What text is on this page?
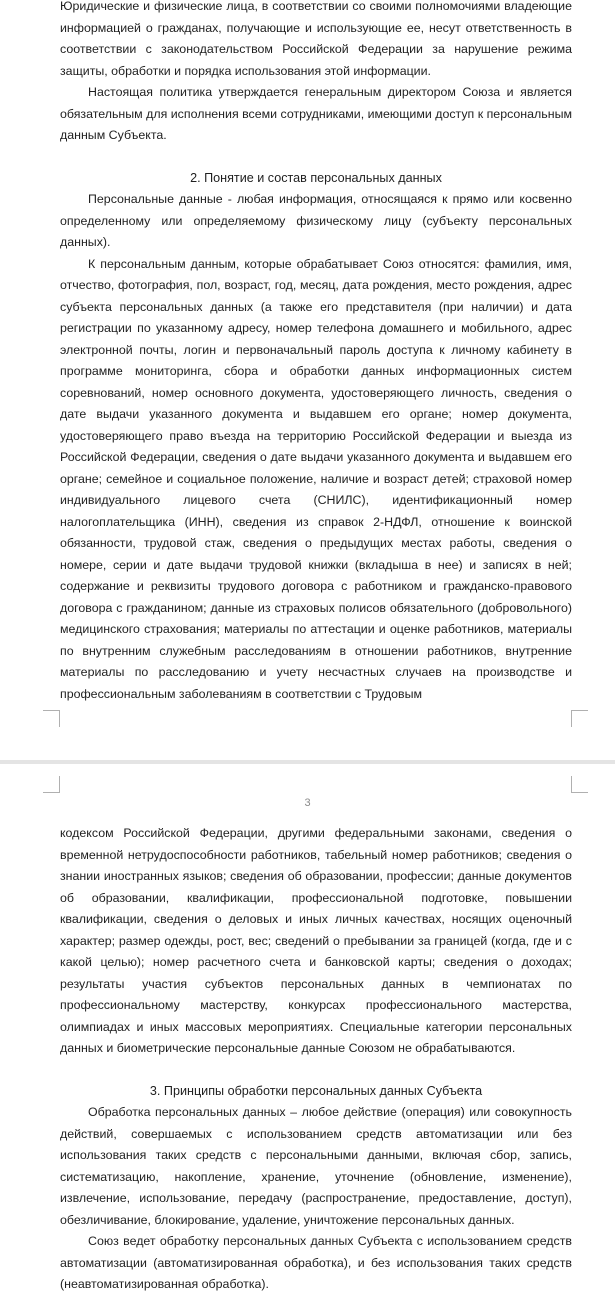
Юридические и физические лица, в соответствии со своими полномочиями владеющие информацией о гражданах, получающие и использующие ее, несут ответственность в соответствии с законодательством Российской Федерации за нарушение режима защиты, обработки и порядка использования этой информации.

Настоящая политика утверждается генеральным директором Союза и является обязательным для исполнения всеми сотрудниками, имеющими доступ к персональным данным Субъекта.

2. Понятие и состав персональных данных

Персональные данные - любая информация, относящаяся к прямо или косвенно определенному или определяемому физическому лицу (субъекту персональных данных).

К персональным данным, которые обрабатывает Союз относятся: фамилия, имя, отчество, фотография, пол, возраст, год, месяц, дата рождения, место рождения, адрес субъекта персональных данных (а также его представителя (при наличии) и дата регистрации по указанному адресу, номер телефона домашнего и мобильного, адрес электронной почты, логин и первоначальный пароль доступа к личному кабинету в программе мониторинга, сбора и обработки данных информационных систем соревнований, номер основного документа, удостоверяющего личность, сведения о дате выдачи указанного документа и выдавшем его органе; номер документа, удостоверяющего право въезда на территорию Российской Федерации и выезда из Российской Федерации, сведения о дате выдачи указанного документа и выдавшем его органе; семейное и социальное положение, наличие и возраст детей; страховой номер индивидуального лицевого счета (СНИЛС), идентификационный номер налогоплательщика (ИНН), сведения из справок 2-НДФЛ, отношение к воинской обязанности, трудовой стаж, сведения о предыдущих местах работы, сведения о номере, серии и дате выдачи трудовой книжки (вкладыша в нее) и записях в ней; содержание и реквизиты трудового договора с работником и гражданско-правового договора с гражданином; данные из страховых полисов обязательного (добровольного) медицинского страхования; материалы по аттестации и оценке работников, материалы по внутренним служебным расследованиям в отношении работников, внутренние материалы по расследованию и учету несчастных случаев на производстве и профессиональным заболеваниям в соответствии с Трудовым

3

кодексом Российской Федерации, другими федеральными законами, сведения о временной нетрудоспособности работников, табельный номер работников; сведения о знании иностранных языков; сведения об образовании, профессии; данные документов об образовании, квалификации, профессиональной подготовке, повышении квалификации, сведения о деловых и иных личных качествах, носящих оценочный характер; размер одежды, рост, вес; сведений о пребывании за границей (когда, где и с какой целью); номер расчетного счета и банковской карты; сведения о доходах; результаты участия субъектов персональных данных в чемпионатах по профессиональному мастерству, конкурсах профессионального мастерства, олимпиадах и иных массовых мероприятиях. Специальные категории персональных данных и биометрические персональные данные Союзом не обрабатываются.

3. Принципы обработки персональных данных Субъекта

Обработка персональных данных – любое действие (операция) или совокупность действий, совершаемых с использованием средств автоматизации или без использования таких средств с персональными данными, включая сбор, запись, систематизацию, накопление, хранение, уточнение (обновление, изменение), извлечение, использование, передачу (распространение, предоставление, доступ), обезличивание, блокирование, удаление, уничтожение персональных данных.

Союз ведет обработку персональных данных Субъекта с использованием средств автоматизации (автоматизированная обработка), и без использования таких средств (неавтоматизированная обработка).
